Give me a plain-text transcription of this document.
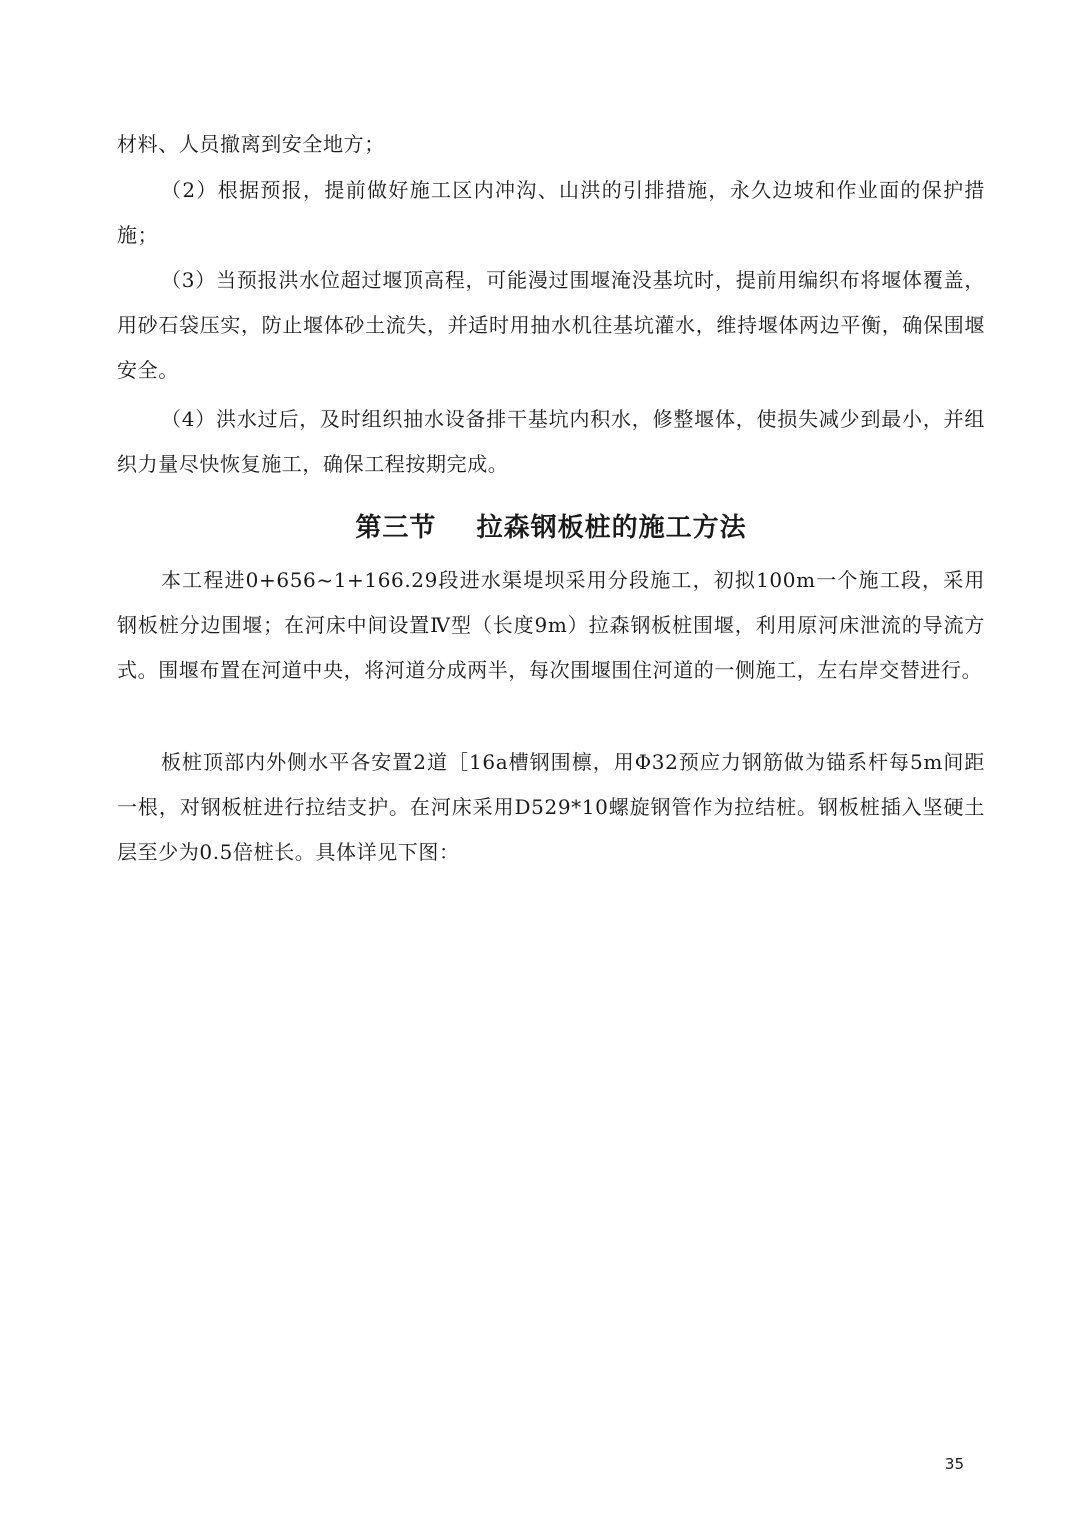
材料、人员撤离到安全地方；

（2）根据预报，提前做好施工区内冲沟、山洪的引排措施，永久边坡和作业面的保护措施；

（3）当预报洪水位超过堰顶高程，可能漫过围堰淹没基坑时，提前用编织布将堰体覆盖，用砂石袋压实，防止堰体砂土流失，并适时用抽水机往基坑灌水，维持堰体两边平衡，确保围堰安全。

（4）洪水过后，及时组织抽水设备排干基坑内积水，修整堰体，使损失减少到最小，并组织力量尽快恢复施工，确保工程按期完成。

第三节    拉森钢板桩的施工方法

本工程进0+656~1+166.29段进水渠堤坝采用分段施工，初拟100m一个施工段，采用钢板桩分边围堰；在河床中间设置Ⅳ型（长度9m）拉森钢板桩围堰，利用原河床泄流的导流方式。围堰布置在河道中央，将河道分成两半，每次围堰围住河道的一侧施工，左右岸交替进行。

板桩顶部内外侧水平各安置2道［16a槽钢围檩，用Φ32预应力钢筋做为锚系杆每5m间距一根，对钢板桩进行拉结支护。在河床采用D529*10螺旋钢管作为拉结桩。钢板桩插入坚硬土层至少为0.5倍桩长。具体详见下图：

35
